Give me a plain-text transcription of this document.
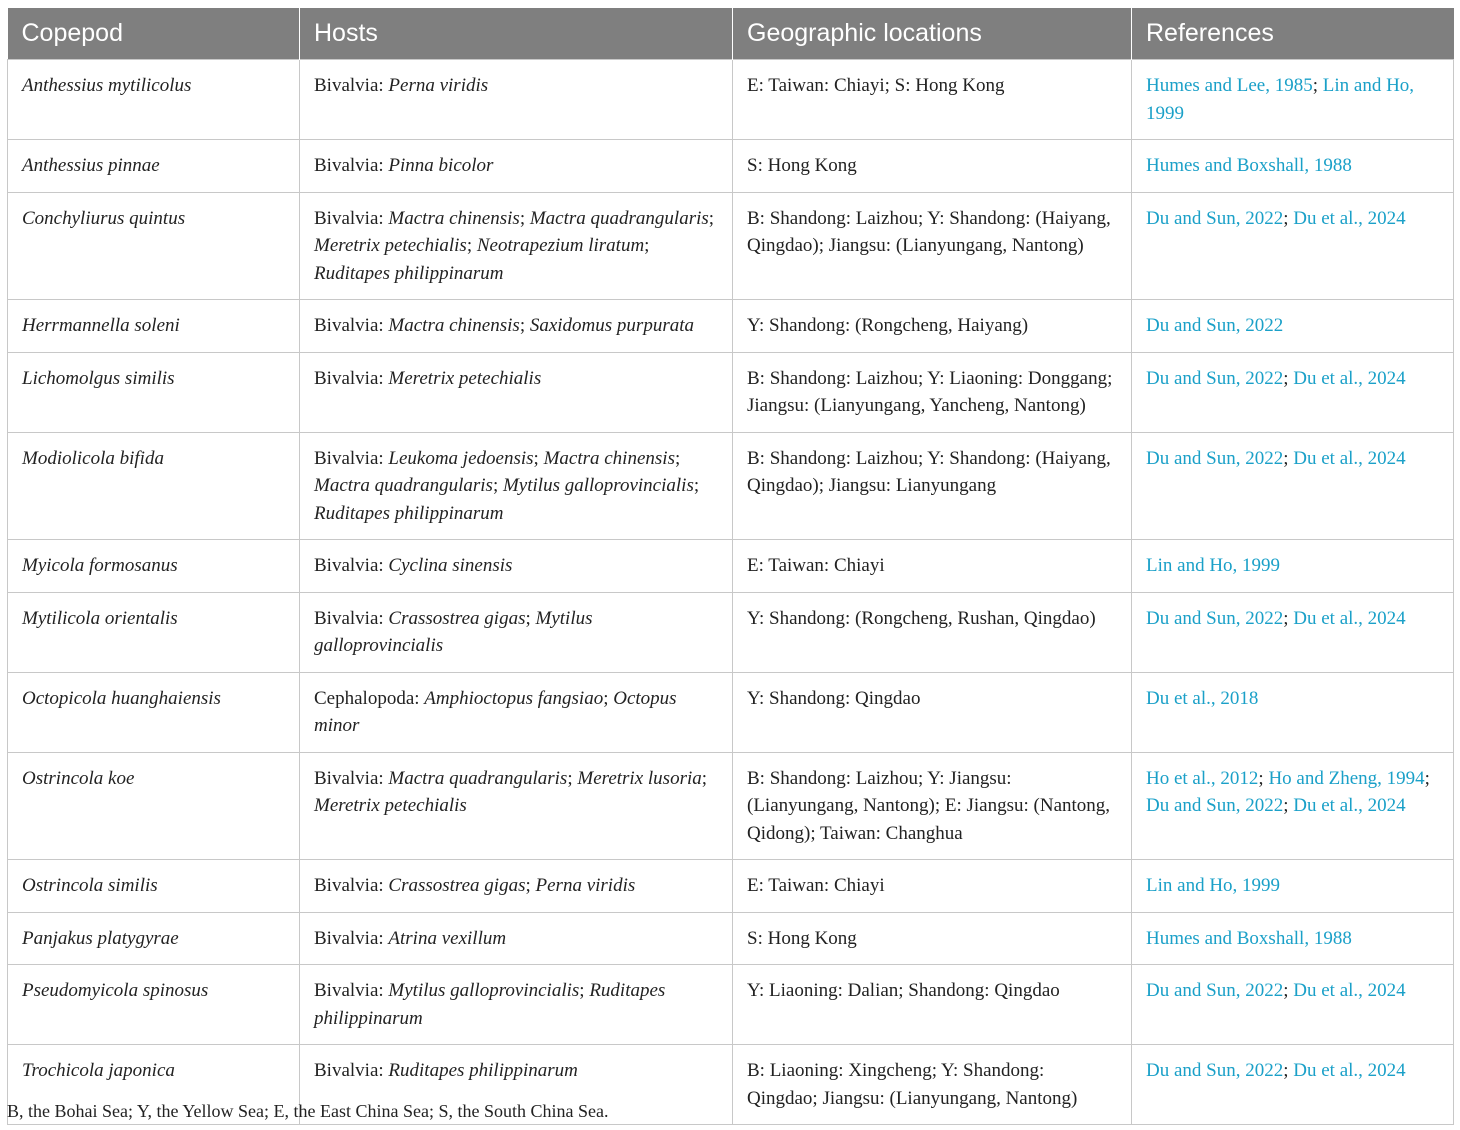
Copepod	Hosts	Geographic locations	References
Anthessius mytilicolus	Bivalvia: Perna viridis	E: Taiwan: Chiayi; S: Hong Kong	Humes and Lee, 1985; Lin and Ho, 1999
Anthessius pinnae	Bivalvia: Pinna bicolor	S: Hong Kong	Humes and Boxshall, 1988
Conchyliurus quintus	Bivalvia: Mactra chinensis; Mactra quadrangularis; Meretrix petechialis; Neotrapezium liratum; Ruditapes philippinarum	B: Shandong: Laizhou; Y: Shandong: (Haiyang, Qingdao); Jiangsu: (Lianyungang, Nantong)	Du and Sun, 2022; Du et al., 2024
Herrmannella soleni	Bivalvia: Mactra chinensis; Saxidomus purpurata	Y: Shandong: (Rongcheng, Haiyang)	Du and Sun, 2022
Lichomolgus similis	Bivalvia: Meretrix petechialis	B: Shandong: Laizhou; Y: Liaoning: Donggang; Jiangsu: (Lianyungang, Yancheng, Nantong)	Du and Sun, 2022; Du et al., 2024
Modiolicola bifida	Bivalvia: Leukoma jedoensis; Mactra chinensis; Mactra quadrangularis; Mytilus galloprovincialis; Ruditapes philippinarum	B: Shandong: Laizhou; Y: Shandong: (Haiyang, Qingdao); Jiangsu: Lianyungang	Du and Sun, 2022; Du et al., 2024
Myicola formosanus	Bivalvia: Cyclina sinensis	E: Taiwan: Chiayi	Lin and Ho, 1999
Mytilicola orientalis	Bivalvia: Crassostrea gigas; Mytilus galloprovincialis	Y: Shandong: (Rongcheng, Rushan, Qingdao)	Du and Sun, 2022; Du et al., 2024
Octopicola huanghaiensis	Cephalopoda: Amphioctopus fangsiao; Octopus minor	Y: Shandong: Qingdao	Du et al., 2018
Ostrincola koe	Bivalvia: Mactra quadrangularis; Meretrix lusoria; Meretrix petechialis	B: Shandong: Laizhou; Y: Jiangsu: (Lianyungang, Nantong); E: Jiangsu: (Nantong, Qidong); Taiwan: Changhua	Ho et al., 2012; Ho and Zheng, 1994; Du and Sun, 2022; Du et al., 2024
Ostrincola similis	Bivalvia: Crassostrea gigas; Perna viridis	E: Taiwan: Chiayi	Lin and Ho, 1999
Panjakus platygyrae	Bivalvia: Atrina vexillum	S: Hong Kong	Humes and Boxshall, 1988
Pseudomyicola spinosus	Bivalvia: Mytilus galloprovincialis; Ruditapes philippinarum	Y: Liaoning: Dalian; Shandong: Qingdao	Du and Sun, 2022; Du et al., 2024
Trochicola japonica	Bivalvia: Ruditapes philippinarum	B: Liaoning: Xingcheng; Y: Shandong: Qingdao; Jiangsu: (Lianyungang, Nantong)	Du and Sun, 2022; Du et al., 2024
B, the Bohai Sea; Y, the Yellow Sea; E, the East China Sea; S, the South China Sea.
